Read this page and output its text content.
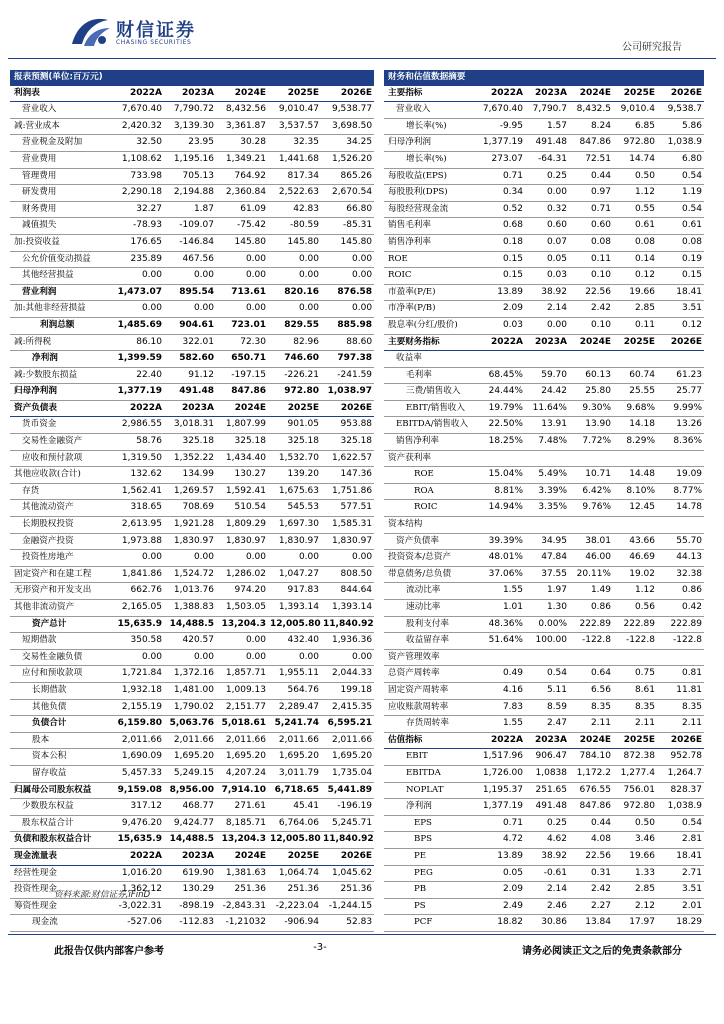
财信证券
CHASING SECURITIES	公司研究报告
报表预测(单位:百万元)					
利润表	2022A	2023A	2024E	2025E	2026E
营业收入	7,670.40	7,790.72	8,432.56	9,010.47	9,538.77
减:营业成本	2,420.32	3,139.30	3,361.87	3,537.57	3,698.50
营业税金及附加	32.50	23.95	30.28	32.35	34.25
营业费用	1,108.62	1,195.16	1,349.21	1,441.68	1,526.20
管理费用	733.98	705.13	764.92	817.34	865.26
研发费用	2,290.18	2,194.88	2,360.84	2,522.63	2,670.54
财务费用	32.27	1.87	61.09	42.83	66.80
减值损失	-78.93	-109.07	-75.42	-80.59	-85.31
加:投资收益	176.65	-146.84	145.80	145.80	145.80
公允价值变动损益	235.89	467.56	0.00	0.00	0.00
其他经营损益	0.00	0.00	0.00	0.00	0.00
营业利润	1,473.07	895.54	713.61	820.16	876.58
加:其他非经营损益	0.00	0.00	0.00	0.00	0.00
利润总额	1,485.69	904.61	723.01	829.55	885.98
减:所得税	86.10	322.01	72.30	82.96	88.60
净利润	1,399.59	582.60	650.71	746.60	797.38
减:少数股东损益	22.40	91.12	-197.15	-226.21	-241.59
归母净利润	1,377.19	491.48	847.86	972.80	1,038.97
资产负债表	2022A	2023A	2024E	2025E	2026E
货币资金	2,986.55	3,018.31	1,807.99	901.05	953.88
交易性金融资产	58.76	325.18	325.18	325.18	325.18
应收和预付款项	1,319.50	1,352.22	1,434.40	1,532.70	1,622.57
其他应收款(合计)	132.62	134.99	130.27	139.20	147.36
存货	1,562.41	1,269.57	1,592.41	1,675.63	1,751.86
其他流动资产	318.65	708.69	510.54	545.53	577.51
长期股权投资	2,613.95	1,921.28	1,809.29	1,697.30	1,585.31
金融资产投资	1,973.88	1,830.97	1,830.97	1,830.97	1,830.97
投资性房地产	0.00	0.00	0.00	0.00	0.00
固定资产和在建工程	1,841.86	1,524.72	1,286.02	1,047.27	808.50
无形资产和开发支出	662.76	1,013.76	974.20	917.83	844.64
其他非流动资产	2,165.05	1,388.83	1,503.05	1,393.14	1,393.14
资产总计	15,635.9	14,488.5	13,204.3	12,005.80	11,840.92
短期借款	350.58	420.57	0.00	432.40	1,936.36
交易性金融负债	0.00	0.00	0.00	0.00	0.00
应付和预收款项	1,721.84	1,372.16	1,857.71	1,955.11	2,044.33
长期借款	1,932.18	1,481.00	1,009.13	564.76	199.18
其他负债	2,155.19	1,790.02	2,151.77	2,289.47	2,415.35
负债合计	6,159.80	5,063.76	5,018.61	5,241.74	6,595.21
股本	2,011.66	2,011.66	2,011.66	2,011.66	2,011.66
资本公积	1,690.09	1,695.20	1,695.20	1,695.20	1,695.20
留存收益	5,457.33	5,249.15	4,207.24	3,011.79	1,735.04
归属母公司股东权益	9,159.08	8,956.00	7,914.10	6,718.65	5,441.89
少数股东权益	317.12	468.77	271.61	45.41	-196.19
股东权益合计	9,476.20	9,424.77	8,185.71	6,764.06	5,245.71
负债和股东权益合计	15,635.9	14,488.5	13,204.3	12,005.80	11,840.92
现金流量表	2022A	2023A	2024E	2025E	2026E
经营性现金	1,016.20	619.90	1,381.63	1,064.74	1,045.62
投资性现金	1,362.12	130.29	251.36	251.36	251.36
筹资性现金	-3,022.31	-898.19	-2,843.31	-2,223.04	-1,244.15
现金流	-527.06	-112.83	-1,21032	-906.94	52.83
财务和估值数据摘要					
主要指标	2022A	2023A	2024E	2025E	2026E
营业收入	7,670.40	7,790.7	8,432.5	9,010.4	9,538.7
增长率(%)	-9.95	1.57	8.24	6.85	5.86
归母净利润	1,377.19	491.48	847.86	972.80	1,038.9
增长率(%)	273.07	-64.31	72.51	14.74	6.80
每股收益(EPS)	0.71	0.25	0.44	0.50	0.54
每股股利(DPS)	0.34	0.00	0.97	1.12	1.19
每股经营现金流	0.52	0.32	0.71	0.55	0.54
销售毛利率	0.68	0.60	0.60	0.61	0.61
销售净利率	0.18	0.07	0.08	0.08	0.08
ROE	0.15	0.05	0.11	0.14	0.19
ROIC	0.15	0.03	0.10	0.12	0.15
市盈率(P/E)	13.89	38.92	22.56	19.66	18.41
市净率(P/B)	2.09	2.14	2.42	2.85	3.51
股息率(分红/股价)	0.03	0.00	0.10	0.11	0.12
主要财务指标	2022A	2023A	2024E	2025E	2026E
收益率					
毛利率	68.45%	59.70	60.13	60.74	61.23
三费/销售收入	24.44%	24.42	25.80	25.55	25.77
EBIT/销售收入	19.79%	11.64%	9.30%	9.68%	9.99%
EBITDA/销售收入	22.50%	13.91	13.90	14.18	13.26
销售净利率	18.25%	7.48%	7.72%	8.29%	8.36%
资产获利率					
ROE	15.04%	5.49%	10.71	14.48	19.09
ROA	8.81%	3.39%	6.42%	8.10%	8.77%
ROIC	14.94%	3.35%	9.76%	12.45	14.78
资本结构					
资产负债率	39.39%	34.95	38.01	43.66	55.70
投资资本/总资产	48.01%	47.84	46.00	46.69	44.13
带息债务/总负债	37.06%	37.55	20.11%	19.02	32.38
流动比率	1.55	1.97	1.49	1.12	0.86
速动比率	1.01	1.30	0.86	0.56	0.42
股利支付率	48.36%	0.00%	222.89	222.89	222.89
收益留存率	51.64%	100.00	-122.8	-122.8	-122.8
资产管理效率					
总资产周转率	0.49	0.54	0.64	0.75	0.81
固定资产周转率	4.16	5.11	6.56	8.61	11.81
应收账款周转率	7.83	8.59	8.35	8.35	8.35
存货周转率	1.55	2.47	2.11	2.11	2.11
估值指标	2022A	2023A	2024E	2025E	2026E
EBIT	1,517.96	906.47	784.10	872.38	952.78
EBITDA	1,726.00	1,0838	1,172.2	1,277.4	1,264.7
NOPLAT	1,195.37	251.65	676.55	756.01	828.37
净利润	1,377.19	491.48	847.86	972.80	1,038.9
EPS	0.71	0.25	0.44	0.50	0.54
BPS	4.72	4.62	4.08	3.46	2.81
PE	13.89	38.92	22.56	19.66	18.41
PEG	0.05	-0.61	0.31	1.33	2.71
PB	2.09	2.14	2.42	2.85	3.51
PS	2.49	2.46	2.27	2.12	2.01
PCF	18.82	30.86	13.84	17.97	18.29
资料来源:财信证券,iFinD
此报告仅供内部客户参考	-3-	请务必阅读正文之后的免责条款部分
